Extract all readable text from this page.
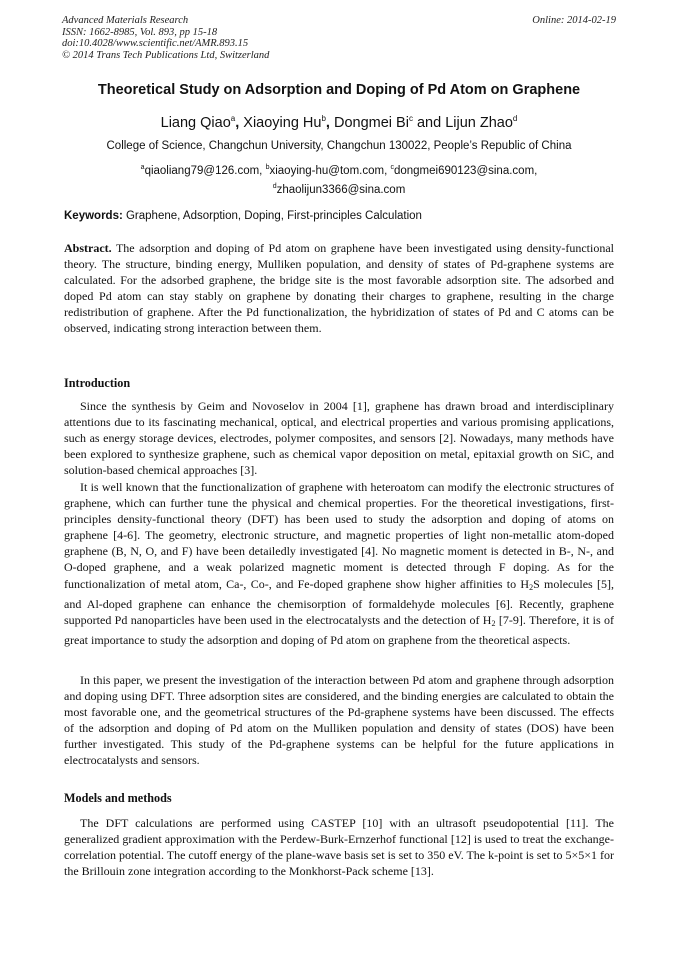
Advanced Materials Research
ISSN: 1662-8985, Vol. 893, pp 15-18
doi:10.4028/www.scientific.net/AMR.893.15
© 2014 Trans Tech Publications Ltd, Switzerland
Online: 2014-02-19
Theoretical Study on Adsorption and Doping of Pd Atom on Graphene
Liang Qiao$^a$, Xiaoying Hu$^b$, Dongmei Bi$^c$ and Lijun Zhao$^d$
College of Science, Changchun University, Changchun 130022, People’s Republic of China
$^a$qiaoliang79@126.com, $^b$xiaoying-hu@tom.com, $^c$dongmei690123@sina.com,
$^d$zhaolijun3366@sina.com
Keywords: Graphene, Adsorption, Doping, First-principles Calculation
Abstract. The adsorption and doping of Pd atom on graphene have been investigated using density-functional theory. The structure, binding energy, Mulliken population, and density of states of Pd-graphene systems are calculated. For the adsorbed graphene, the bridge site is the most favorable adsorption site. The adsorbed and doped Pd atom can stay stably on graphene by donating their charges to graphene, resulting in the charge redistribution of graphene. After the Pd functionalization, the hybridization of states of Pd and C atoms can be observed, indicating strong interaction between them.
Introduction
Since the synthesis by Geim and Novoselov in 2004 [1], graphene has drawn broad and interdisciplinary attentions due to its fascinating mechanical, optical, and electrical properties and various promising applications, such as energy storage devices, electrodes, polymer composites, and sensors [2]. Nowadays, many methods have been explored to synthesize graphene, such as chemical vapor deposition on metal, epitaxial growth on SiC, and solution-based chemical approaches [3].
It is well known that the functionalization of graphene with heteroatom can modify the electronic structures of graphene, which can further tune the physical and chemical properties. For the theoretical investigations, first-principles density-functional theory (DFT) has been used to study the adsorption and doping of atoms on graphene [4-6]. The geometry, electronic structure, and magnetic properties of light non-metallic atom-doped graphene (B, N, O, and F) have been detailedly investigated [4]. No magnetic moment is detected in B-, N-, and O-doped graphene, and a weak polarized magnetic moment is detected through F doping. As for the functionalization of metal atom, Ca-, Co-, and Fe-doped graphene show higher affinities to $H_2S$ molecules [5], and Al-doped graphene can enhance the chemisorption of formaldehyde molecules [6]. Recently, graphene supported Pd nanoparticles have been used in the electrocatalysts and the detection of $H_2$ [7-9]. Therefore, it is of great importance to study the adsorption and doping of Pd atom on graphene from the theoretical aspects.
In this paper, we present the investigation of the interaction between Pd atom and graphene through adsorption and doping using DFT. Three adsorption sites are considered, and the binding energies are calculated to obtain the most favorable one, and the geometrical structures of the Pd-graphene systems have been discussed. The effects of the adsorption and doping of Pd atom on the Mulliken population and density of states (DOS) have been further investigated. This study of the Pd-graphene systems can be helpful for the future applications in electrocatalysts and sensors.
Models and methods
The DFT calculations are performed using CASTEP [10] with an ultrasoft pseudopotential [11]. The generalized gradient approximation with the Perdew-Burk-Ernzerhof functional [12] is used to treat the exchange-correlation potential. The cutoff energy of the plane-wave basis set is set to 350 eV. The k-point is set to 5×5×1 for the Brillouin zone integration according to the Monkhorst-Pack scheme [13].
